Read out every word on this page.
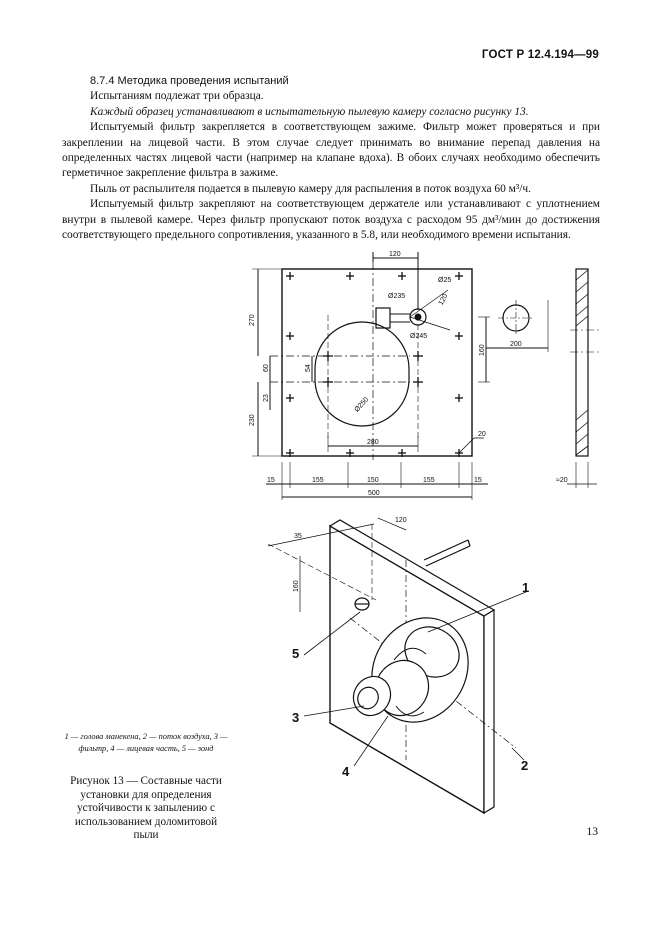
ГОСТ Р 12.4.194—99

8.7.4 Методика проведения испытаний

Испытаниям подлежат три образца.

Каждый образец устанавливают в испытательную пылевую камеру согласно рисунку 13.

Испытуемый фильтр закрепляется в соответствующем зажиме. Фильтр может проверяться и при закреплении на лицевой части. В этом случае следует принимать во внимание перепад давления на определенных частях лицевой части (например на клапане вдоха). В обоих случаях необходимо обеспечить герметичное закрепление фильтра в зажиме.

Пыль от распылителя подается в пылевую камеру для распыления в поток воздуха 60 м³/ч.

Испытуемый фильтр закрепляют на соответствующем держателе или устанавливают с уплотнением внутри в пылевой камере. Через фильтр пропускают поток воздуха с расходом 95 дм³/мин до достижения соответствующего предельного сопротивления, указанного в 5.8, или необходимого времени испытания.

120
Ø25
120
Ø235
Ø245
270
60	54
23
230
160	200
Ø250
280
20
15	155	150	155	15
500
≈20
120
35
160	1
2
3
4
5
1 — голова манекена, 2 — поток воздуха, 3 — фильтр, 4 — лицевая часть, 5 — зонд
Рисунок 13 — Составные части установки для определения устойчивости к запылению с использованием доломитовой пыли	13
